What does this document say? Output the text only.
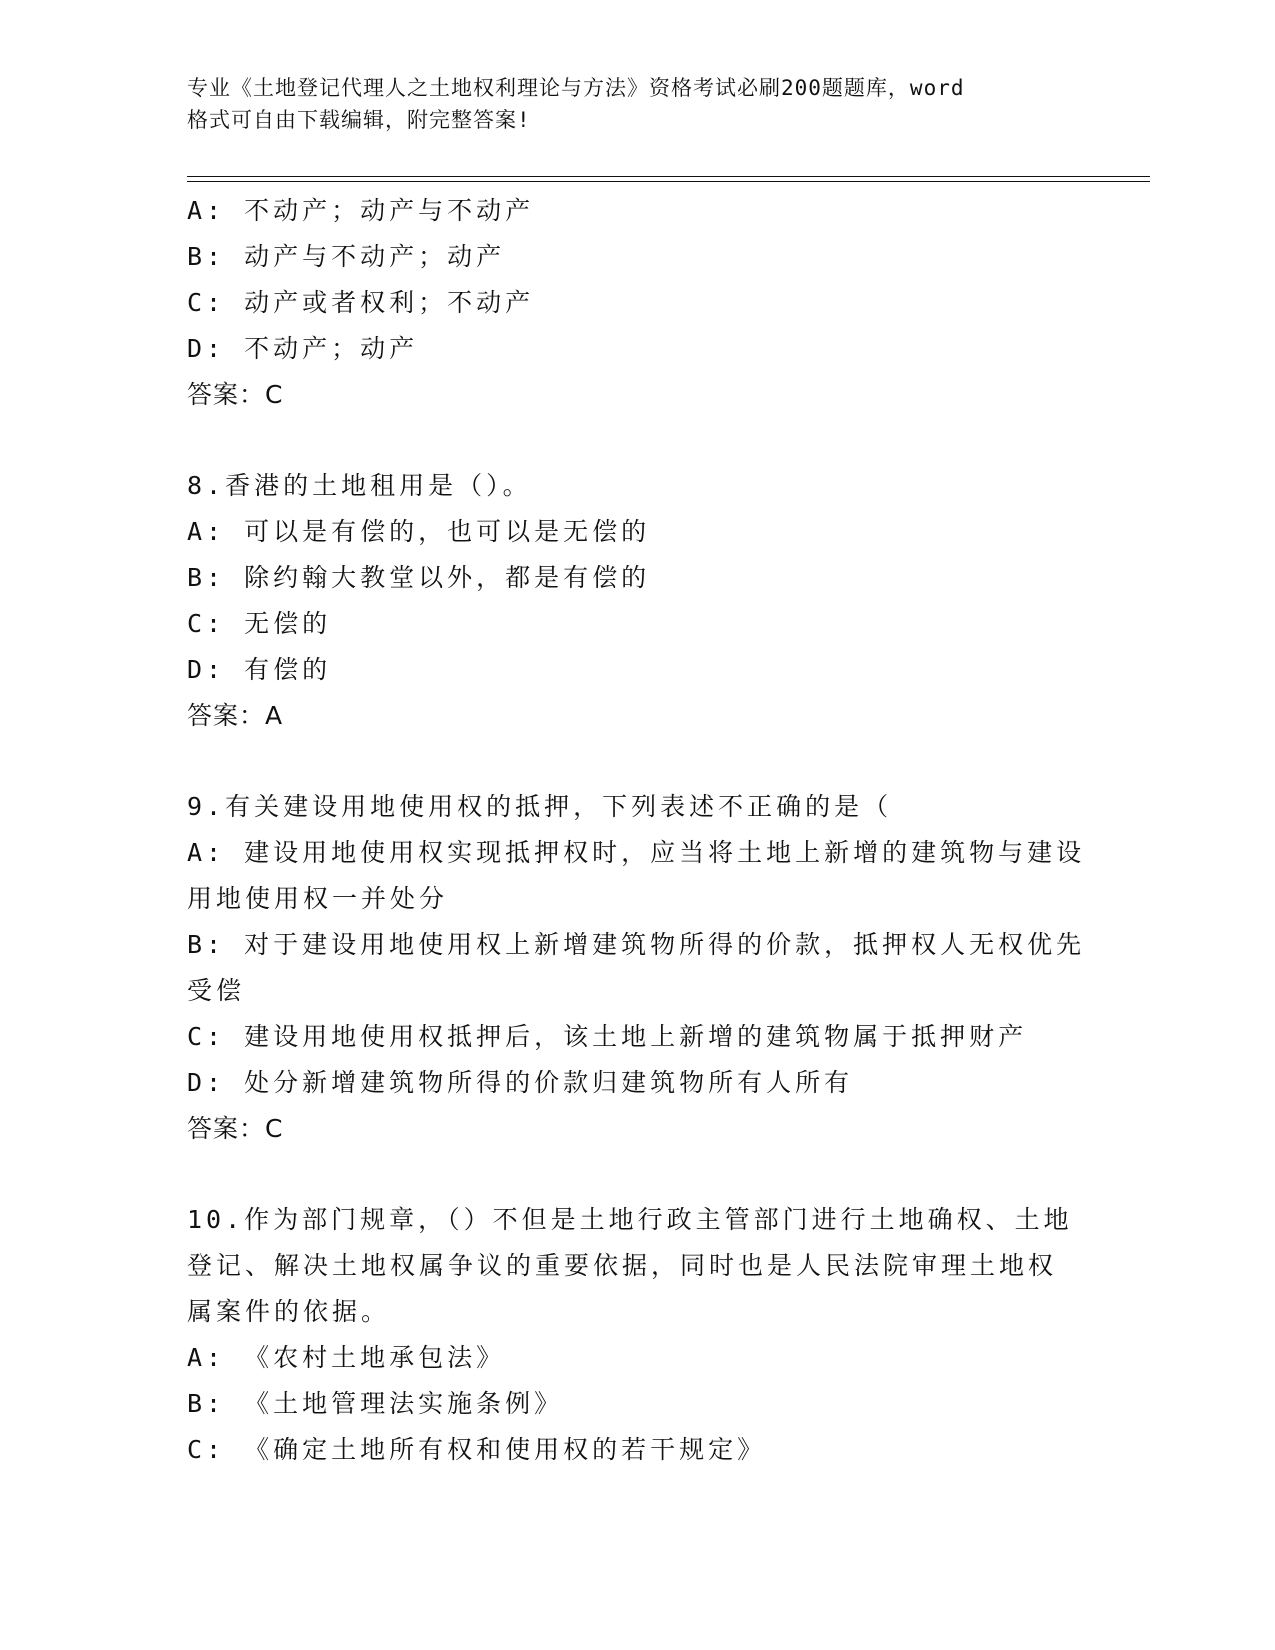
专业《土地登记代理人之土地权利理论与方法》资格考试必刷200题题库，word
格式可自由下载编辑，附完整答案!
A: 不动产；动产与不动产
B: 动产与不动产；动产
C: 动产或者权利；不动产
D: 不动产；动产
答案：C
8.香港的土地租用是（）。
A: 可以是有偿的，也可以是无偿的
B: 除约翰大教堂以外，都是有偿的
C: 无偿的
D: 有偿的
答案：A
9.有关建设用地使用权的抵押，下列表述不正确的是（
A: 建设用地使用权实现抵押权时，应当将土地上新增的建筑物与建设
用地使用权一并处分
B: 对于建设用地使用权上新增建筑物所得的价款，抵押权人无权优先
受偿
C: 建设用地使用权抵押后，该土地上新增的建筑物属于抵押财产
D: 处分新增建筑物所得的价款归建筑物所有人所有
答案：C
10.作为部门规章，（）不但是土地行政主管部门进行土地确权、土地
登记、解决土地权属争议的重要依据，同时也是人民法院审理土地权
属案件的依据。
A: 《农村土地承包法》
B: 《土地管理法实施条例》
C: 《确定土地所有权和使用权的若干规定》
